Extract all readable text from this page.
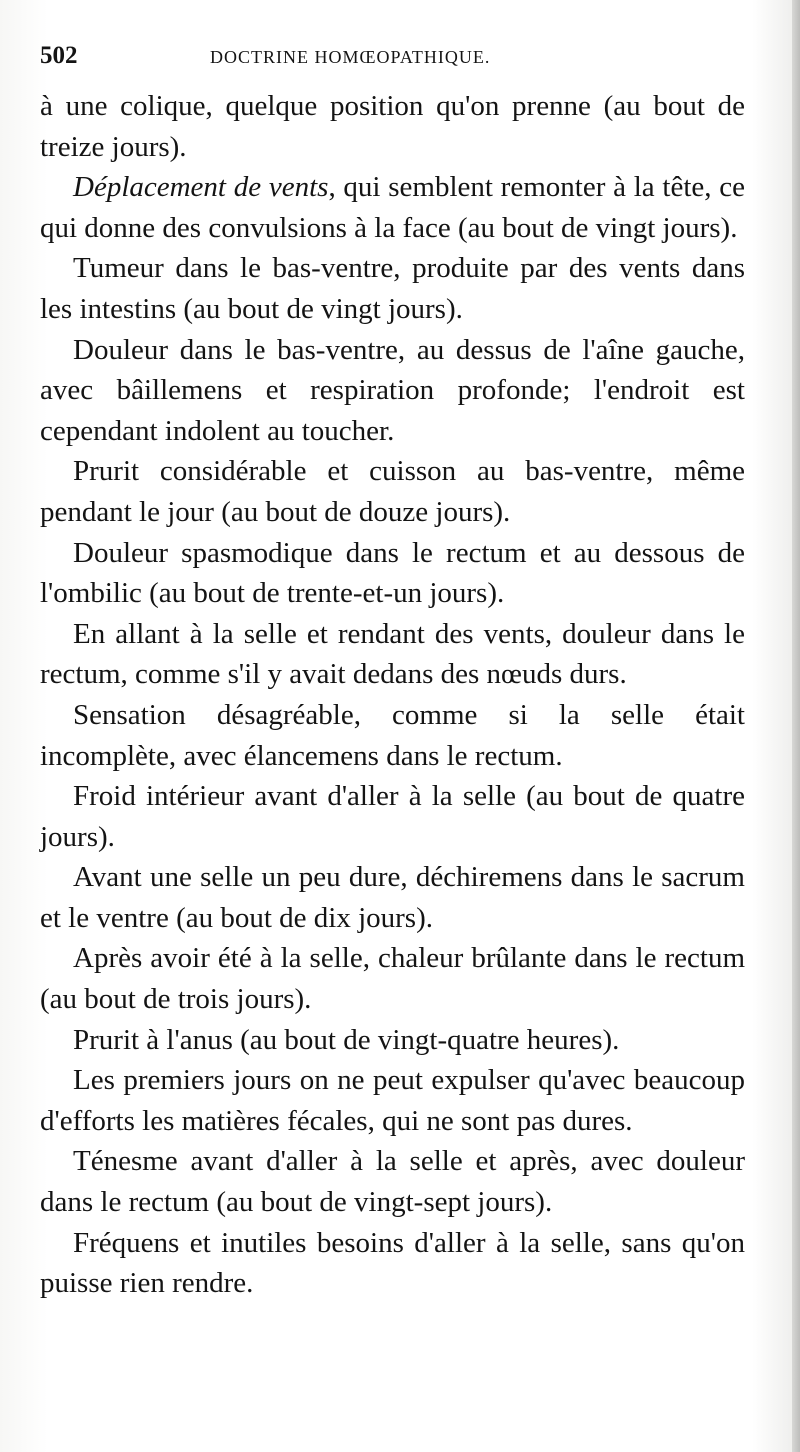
502	DOCTRINE HOMŒOPATHIQUE.

à une colique, quelque position qu'on prenne (au bout de treize jours).

Déplacement de vents, qui semblent remonter à la tête, ce qui donne des convulsions à la face (au bout de vingt jours).

Tumeur dans le bas-ventre, produite par des vents dans les intestins (au bout de vingt jours).

Douleur dans le bas-ventre, au dessus de l'aîne gauche, avec bâillemens et respiration profonde; l'endroit est cependant indolent au toucher.

Prurit considérable et cuisson au bas-ventre, même pendant le jour (au bout de douze jours).

Douleur spasmodique dans le rectum et au dessous de l'ombilic (au bout de trente-et-un jours).

En allant à la selle et rendant des vents, douleur dans le rectum, comme s'il y avait dedans des nœuds durs.

Sensation désagréable, comme si la selle était incomplète, avec élancemens dans le rectum.

Froid intérieur avant d'aller à la selle (au bout de quatre jours).

Avant une selle un peu dure, déchiremens dans le sacrum et le ventre (au bout de dix jours).

Après avoir été à la selle, chaleur brûlante dans le rectum (au bout de trois jours).

Prurit à l'anus (au bout de vingt-quatre heures).

Les premiers jours on ne peut expulser qu'avec beaucoup d'efforts les matières fécales, qui ne sont pas dures.

Ténesme avant d'aller à la selle et après, avec douleur dans le rectum (au bout de vingt-sept jours).

Fréquens et inutiles besoins d'aller à la selle, sans qu'on puisse rien rendre.
